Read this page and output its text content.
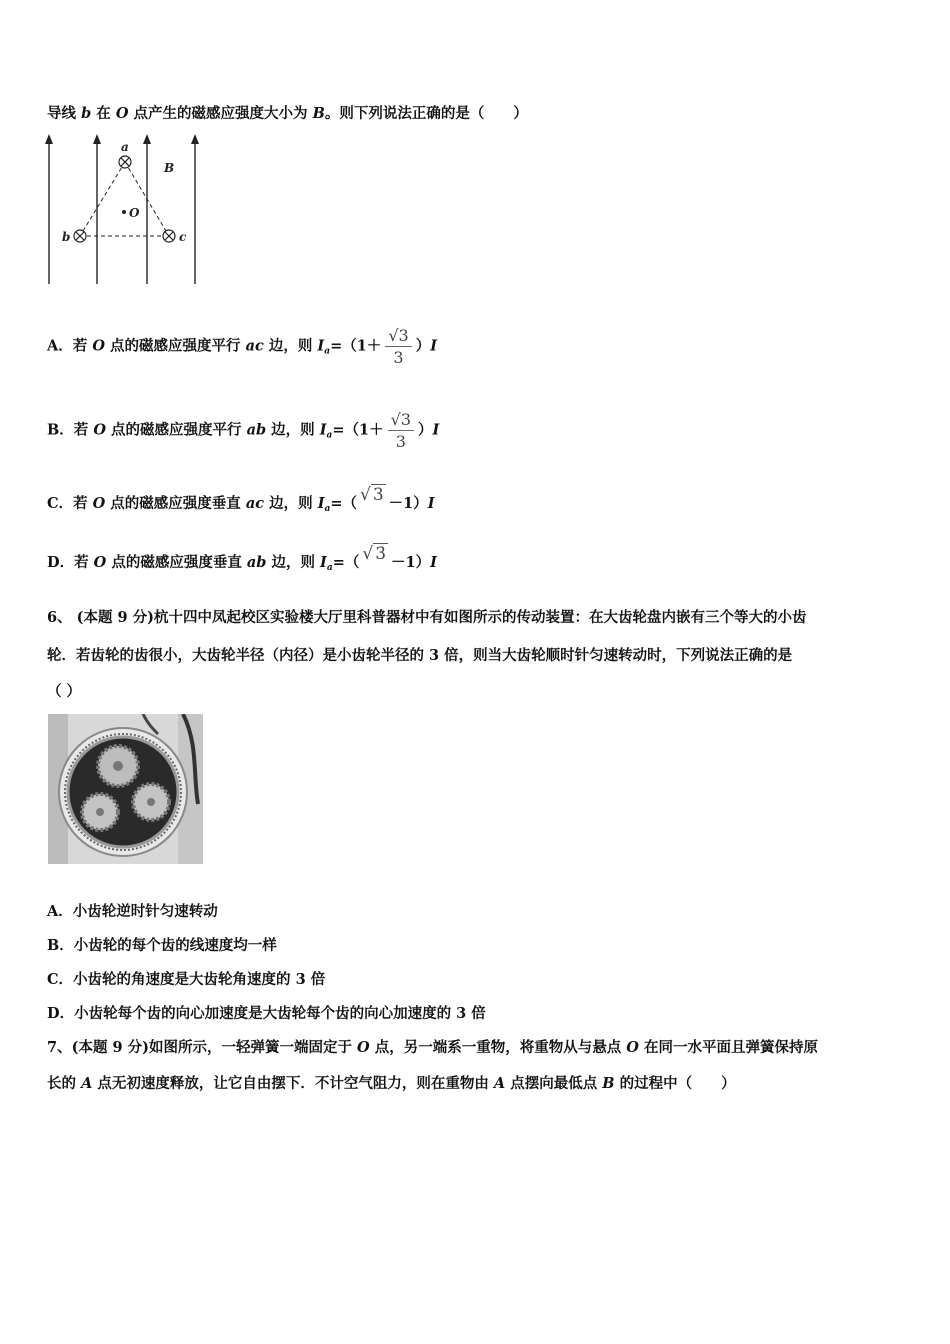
导线 b 在 O 点产生的磁感应强度大小为 B。则下列说法正确的是（　　）
a
b	c
O
B
A．若 O 点的磁感应强度平行 ac 边，则 $I_a=(1+ \frac{√3}{3} )I$
B．若 O 点的磁感应强度平行 ab 边，则 $I_a=(1+ \frac{√3}{3} )I$
C．若 O 点的磁感应强度垂直 ac 边，则 $I_a=$（ √ 3 －1）I
D．若 O 点的磁感应强度垂直 ab 边，则 $I_a=$（ √ 3 －1）I
6、 (本题 9 分)杭十四中凤起校区实验楼大厅里科普器材中有如图所示的传动装置：在大齿轮盘内嵌有三个等大的小齿
轮．若齿轮的齿很小，大齿轮半径（内径）是小齿轮半径的 3 倍，则当大齿轮顺时针匀速转动时，下列说法正确的是
（ ）
A．小齿轮逆时针匀速转动
B．小齿轮的每个齿的线速度均一样
C．小齿轮的角速度是大齿轮角速度的 3 倍
D．小齿轮每个齿的向心加速度是大齿轮每个齿的向心加速度的 3 倍
7、(本题 9 分)如图所示，一轻弹簧一端固定于 O 点，另一端系一重物，将重物从与悬点 O 在同一水平面且弹簧保持原
长的 A 点无初速度释放，让它自由摆下．不计空气阻力，则在重物由 A 点摆向最低点 B 的过程中（　　）
